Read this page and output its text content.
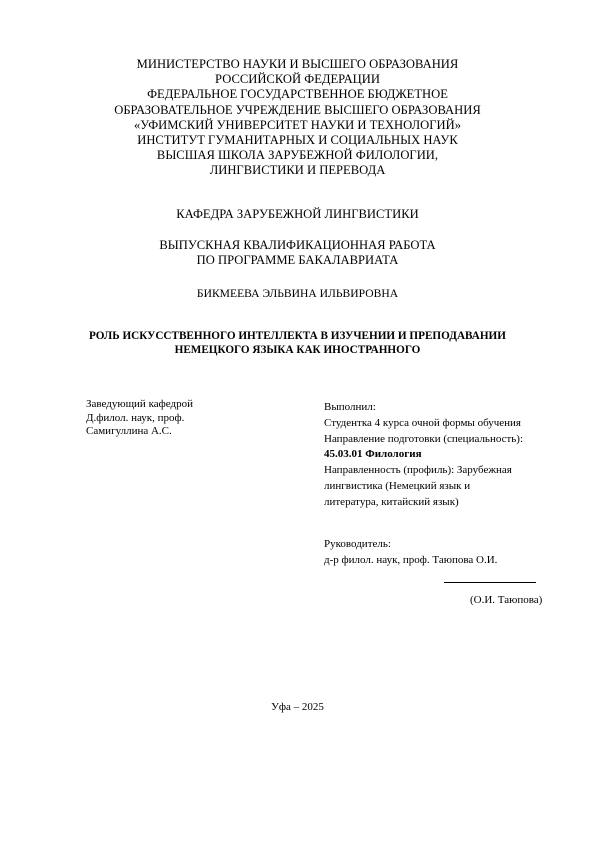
МИНИСТЕРСТВО НАУКИ И ВЫСШЕГО ОБРАЗОВАНИЯ
РОССИЙСКОЙ ФЕДЕРАЦИИ
ФЕДЕРАЛЬНОЕ ГОСУДАРСТВЕННОЕ БЮДЖЕТНОЕ
ОБРАЗОВАТЕЛЬНОЕ УЧРЕЖДЕНИЕ ВЫСШЕГО ОБРАЗОВАНИЯ
«УФИМСКИЙ УНИВЕРСИТЕТ НАУКИ И ТЕХНОЛОГИЙ»
ИНСТИТУТ ГУМАНИТАРНЫХ И СОЦИАЛЬНЫХ НАУК
ВЫСШАЯ ШКОЛА ЗАРУБЕЖНОЙ ФИЛОЛОГИИ,
ЛИНГВИСТИКИ И ПЕРЕВОДА
КАФЕДРА ЗАРУБЕЖНОЙ ЛИНГВИСТИКИ
ВЫПУСКНАЯ КВАЛИФИКАЦИОННАЯ РАБОТА
ПО ПРОГРАММЕ БАКАЛАВРИАТА
БИКМЕЕВА ЭЛЬВИНА ИЛЬВИРОВНА
РОЛЬ ИСКУССТВЕННОГО ИНТЕЛЛЕКТА В ИЗУЧЕНИИ И ПРЕПОДАВАНИИ
НЕМЕЦКОГО ЯЗЫКА КАК ИНОСТРАННОГО
Заведующий кафедрой
Д.филол. наук, проф.
Самигуллина А.С.
Выполнил:
Студентка 4 курса очной формы обучения
Направление подготовки (специальность):
45.03.01 Филология
Направленность (профиль): Зарубежная
лингвистика (Немецкий язык и
литература, китайский язык)
Руководитель:
д-р филол. наук, проф. Таюпова О.И.
(О.И. Таюпова)
Уфа – 2025
